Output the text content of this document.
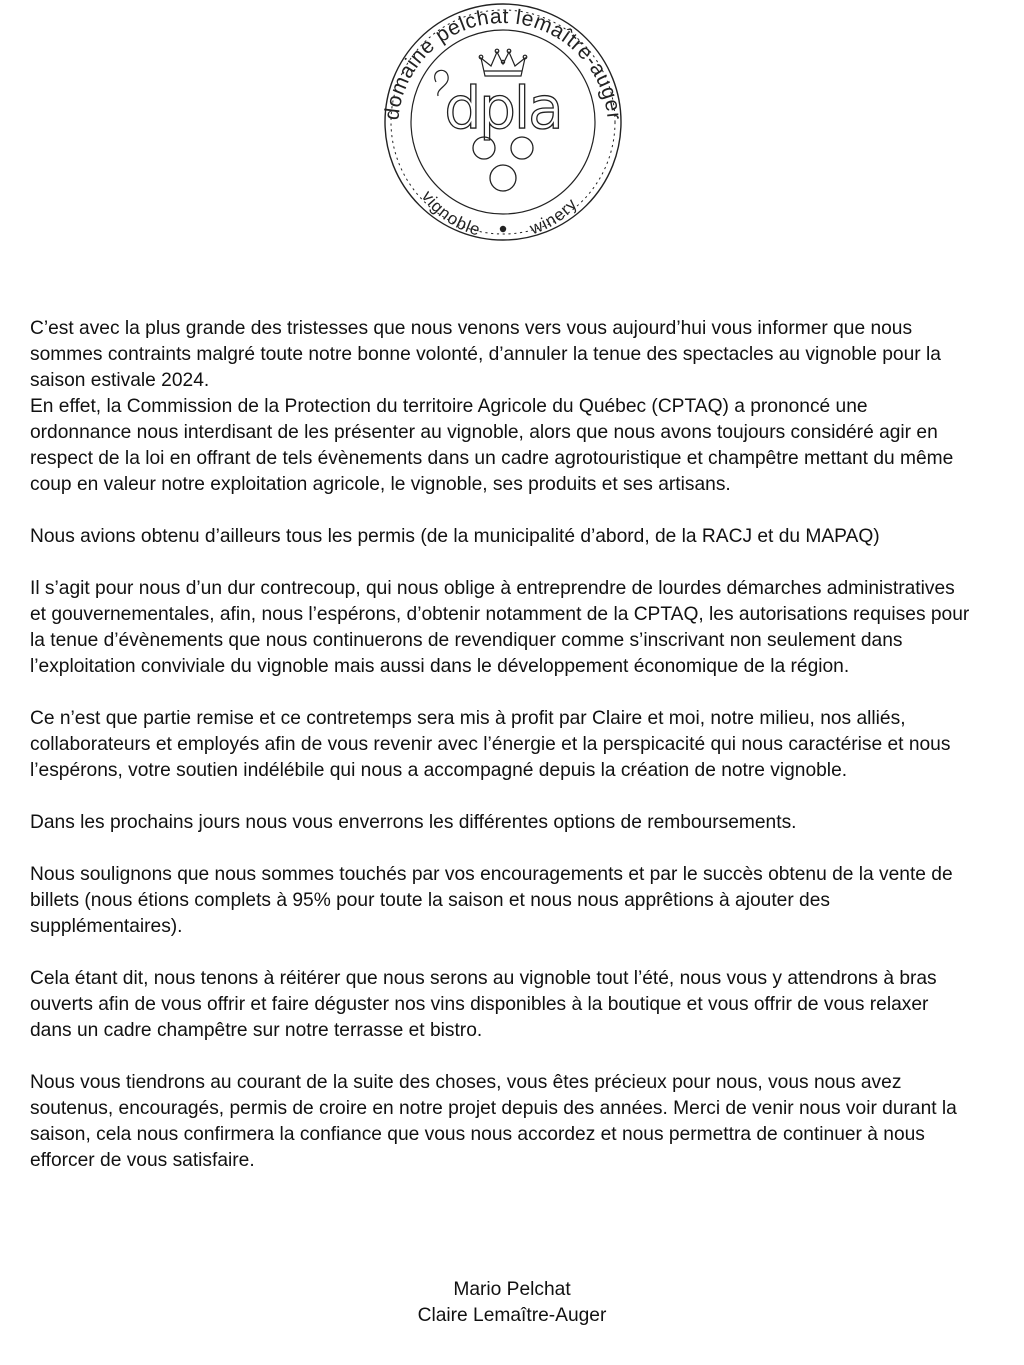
domaine pelchat lemaître-auger
vignoble	winery
dpla

C’est avec la plus grande des tristesses que nous venons vers vous aujourd’hui vous informer que nous sommes contraints malgré toute notre bonne volonté, d’annuler la tenue des spectacles au vignoble pour la saison estivale 2024.

En effet, la Commission de la Protection du territoire Agricole du Québec (CPTAQ) a prononcé une ordonnance nous interdisant de les présenter au vignoble, alors que nous avons toujours considéré agir en respect de la loi en offrant de tels évènements dans un cadre agrotouristique et champêtre mettant du même coup en valeur notre exploitation agricole, le vignoble, ses produits et ses artisans.

Nous avions obtenu d’ailleurs tous les permis (de la municipalité d’abord, de la RACJ et du MAPAQ)

Il s’agit pour nous d’un dur contrecoup, qui nous oblige à entreprendre de lourdes démarches administratives et gouvernementales, afin, nous l’espérons, d’obtenir notamment de la CPTAQ, les autorisations requises pour la tenue d’évènements que nous continuerons de revendiquer comme s’inscrivant non seulement dans l’exploitation conviviale du vignoble mais aussi dans le développement économique de la région.

Ce n’est que partie remise et ce contretemps sera mis à profit par Claire et moi, notre milieu, nos alliés, collaborateurs et employés afin de vous revenir avec l’énergie et la perspicacité qui nous caractérise et nous l’espérons, votre soutien indélébile qui nous a accompagné depuis la création de notre vignoble.

Dans les prochains jours nous vous enverrons les différentes options de remboursements.

Nous soulignons que nous sommes touchés par vos encouragements et par le succès obtenu de la vente de billets (nous étions complets à 95% pour toute la saison et nous nous apprêtions à ajouter des supplémentaires).

Cela étant dit, nous tenons à réitérer que nous serons au vignoble tout l’été, nous vous y attendrons à bras ouverts afin de vous offrir et faire déguster nos vins disponibles à la boutique et vous offrir de vous relaxer dans un cadre champêtre sur notre terrasse et bistro.

Nous vous tiendrons au courant de la suite des choses, vous êtes précieux pour nous, vous nous avez soutenus, encouragés, permis de croire en notre projet depuis des années. Merci de venir nous voir durant la saison, cela nous confirmera la confiance que vous nous accordez et nous permettra de continuer à nous efforcer de vous satisfaire.

Mario Pelchat
Claire Lemaître-Auger
